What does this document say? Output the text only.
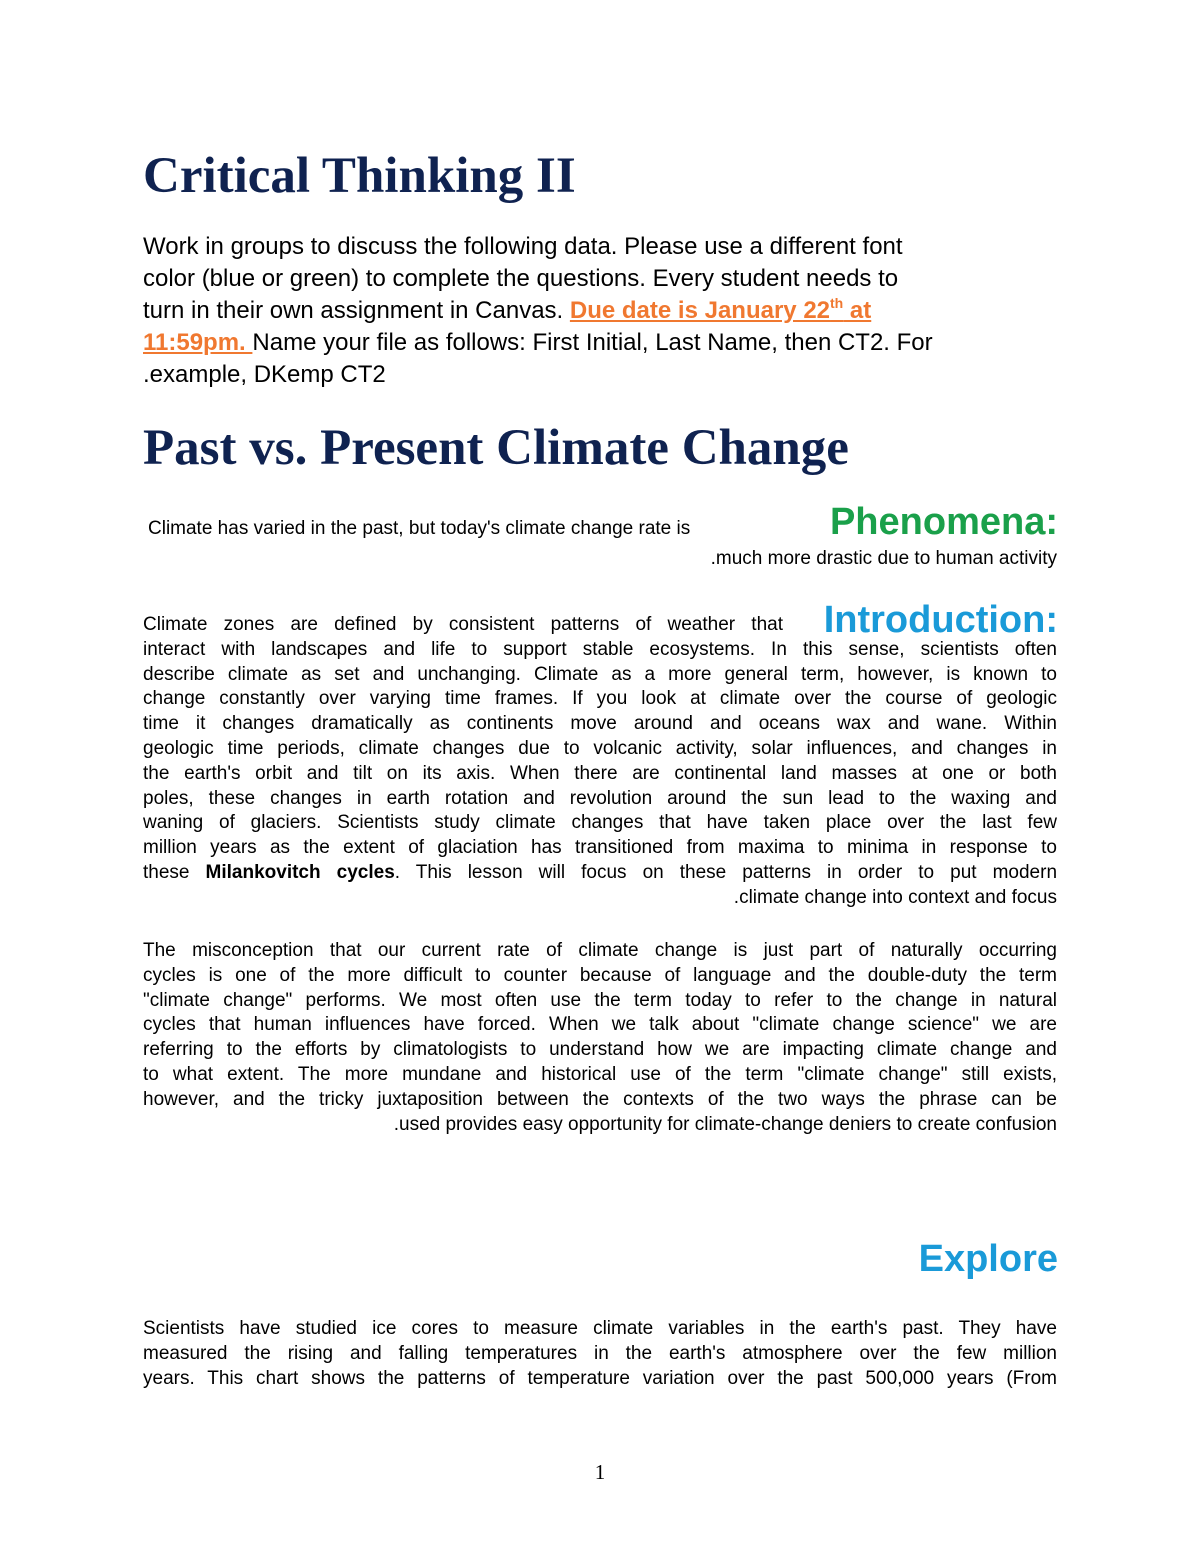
Critical Thinking II
Work in groups to discuss the following data. Please use a different font
color (blue or green) to complete the questions. Every student needs to
turn in their own assignment in Canvas. Due date is January 22th at
11:59pm. Name your file as follows: First Initial, Last Name, then CT2. For
.example, DKemp CT2
Past vs. Present Climate Change
Phenomena:
Climate has varied in the past, but today's climate change rate is
.much more drastic due to human activity
Introduction:
Climate zones are defined by consistent patterns of weather that
interact with landscapes and life to support stable ecosystems. In this sense, scientists often
describe climate as set and unchanging. Climate as a more general term, however, is known to
change constantly over varying time frames. If you look at climate over the course of geologic
time it changes dramatically as continents move around and oceans wax and wane. Within
geologic time periods, climate changes due to volcanic activity, solar influences, and changes in
the earth's orbit and tilt on its axis. When there are continental land masses at one or both
poles, these changes in earth rotation and revolution around the sun lead to the waxing and
waning of glaciers. Scientists study climate changes that have taken place over the last few
million years as the extent of glaciation has transitioned from maxima to minima in response to
these Milankovitch cycles. This lesson will focus on these patterns in order to put modern
.climate change into context and focus
The misconception that our current rate of climate change is just part of naturally occurring
cycles is one of the more difficult to counter because of language and the double-duty the term
"climate change" performs. We most often use the term today to refer to the change in natural
cycles that human influences have forced. When we talk about "climate change science" we are
referring to the efforts by climatologists to understand how we are impacting climate change and
to what extent. The more mundane and historical use of the term "climate change" still exists,
however, and the tricky juxtaposition between the contexts of the two ways the phrase can be
.used provides easy opportunity for climate-change deniers to create confusion
Explore
Scientists have studied ice cores to measure climate variables in the earth's past. They have
measured the rising and falling temperatures in the earth's atmosphere over the few million
years. This chart shows the patterns of temperature variation over the past 500,000 years (From
1
